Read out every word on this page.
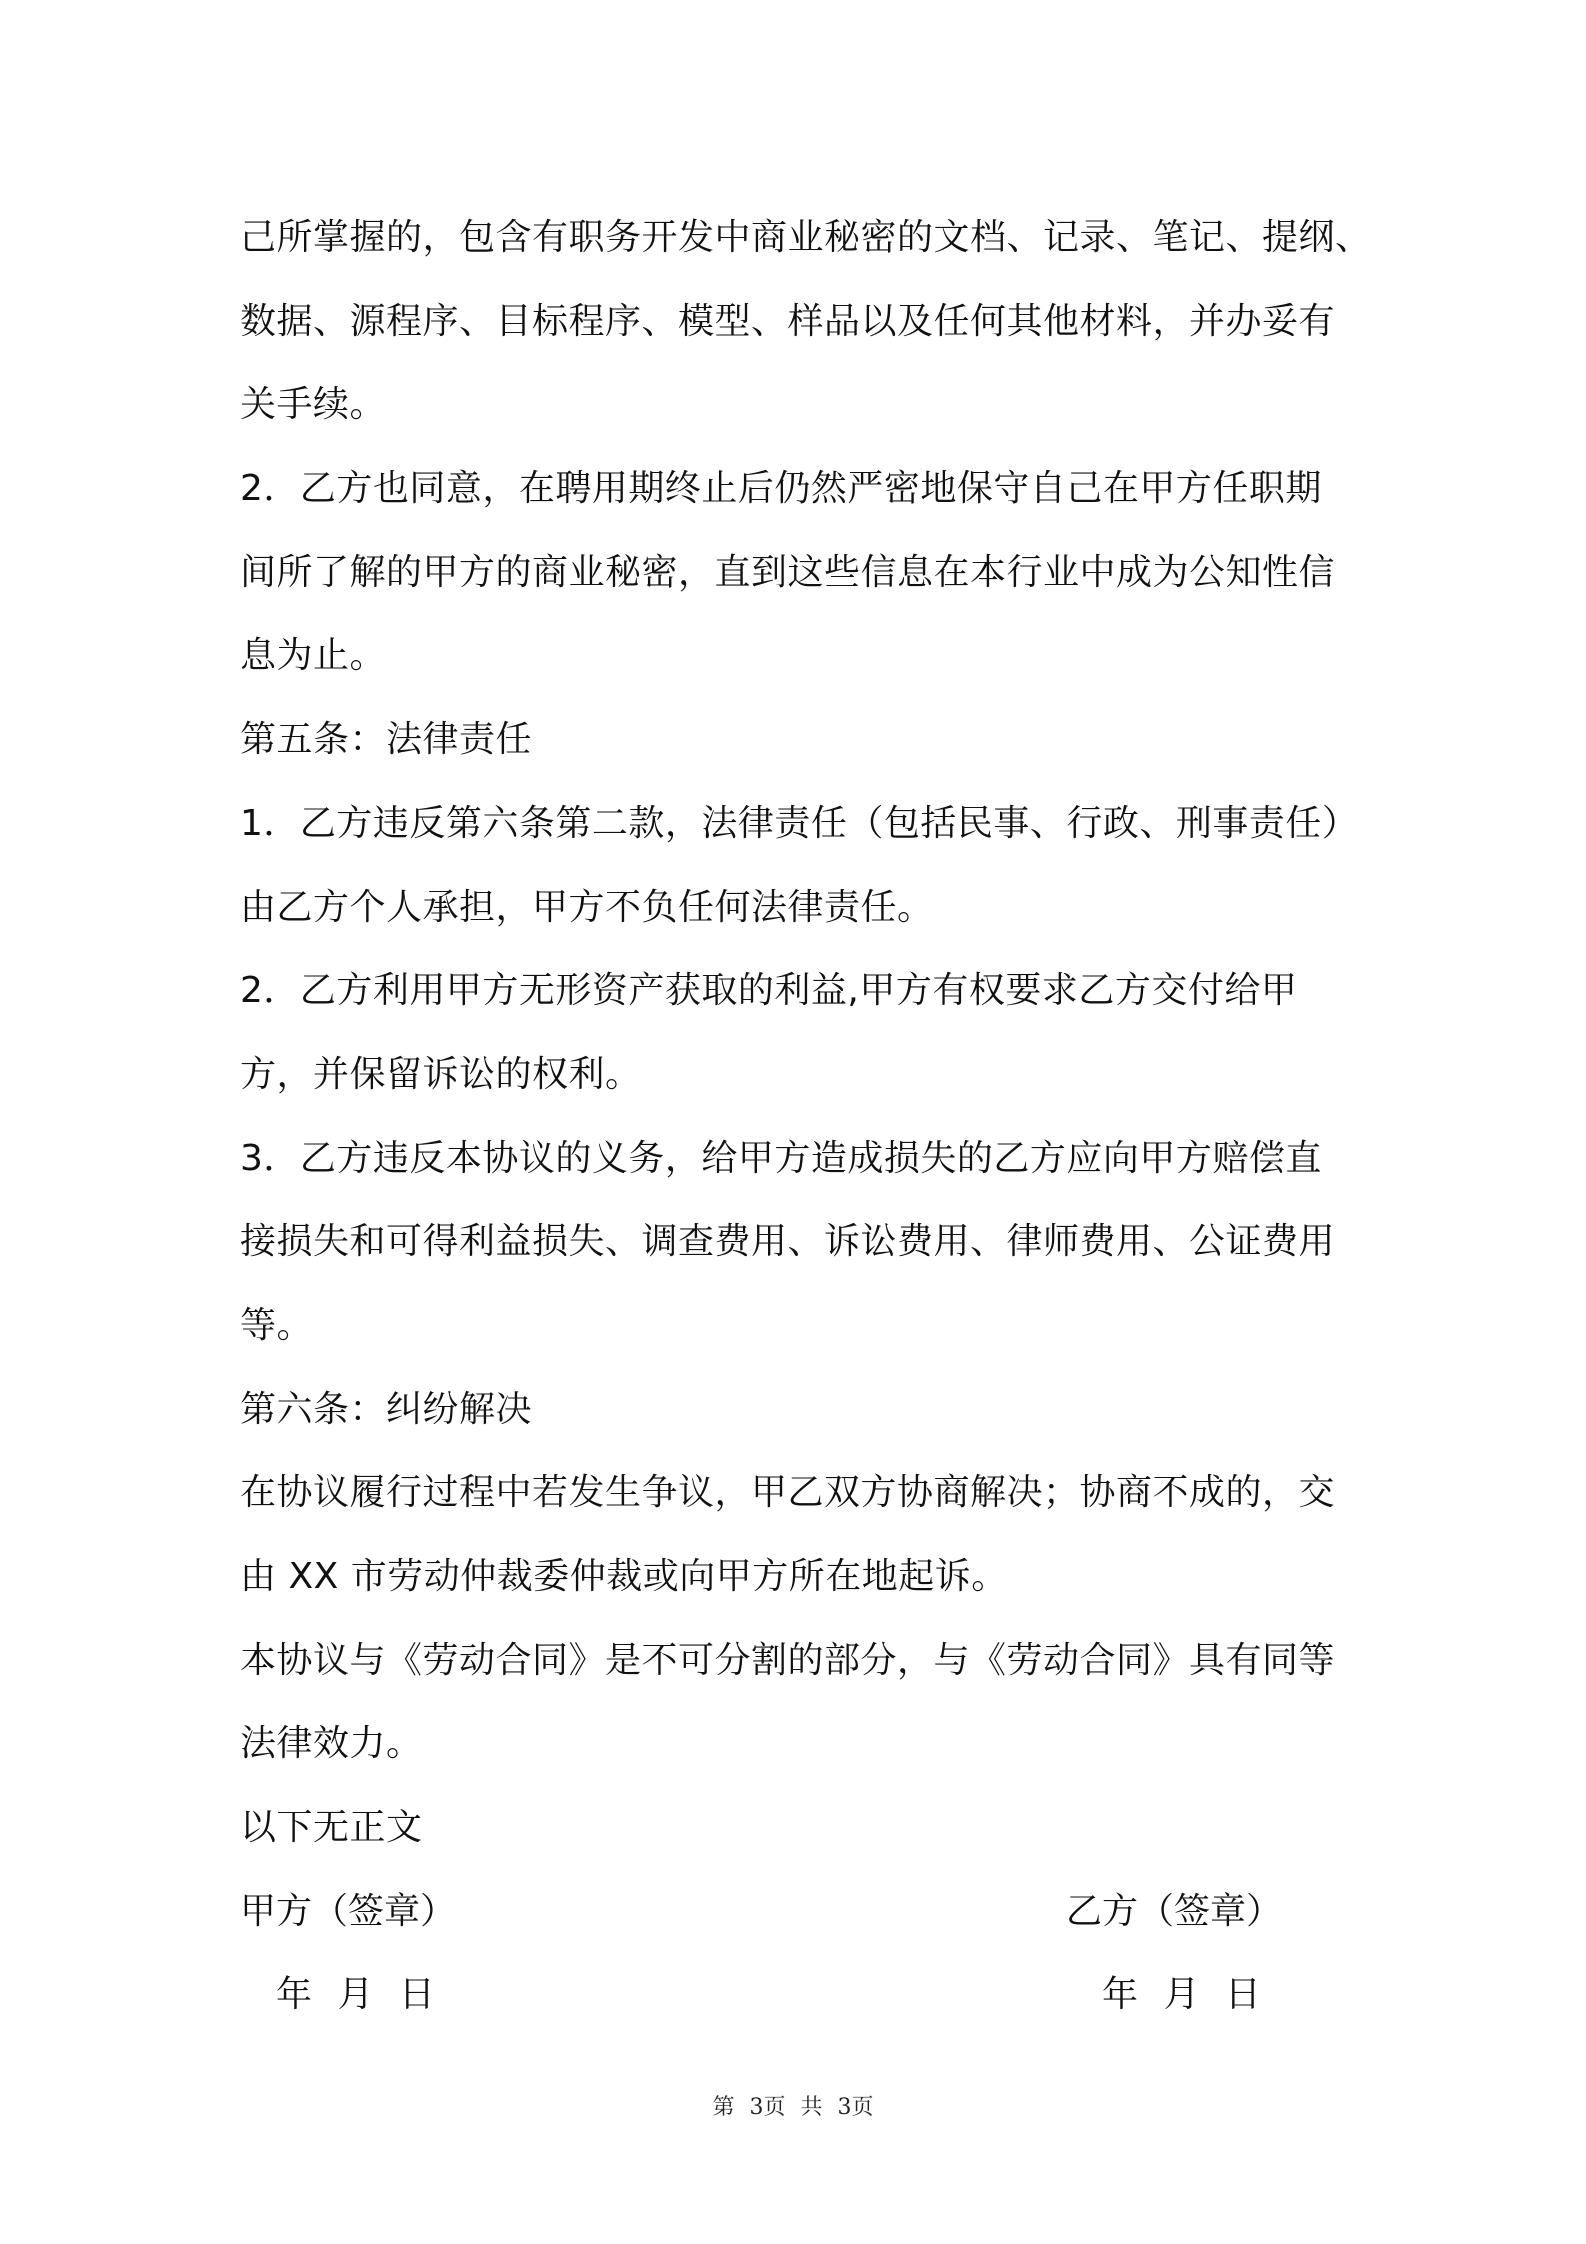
己所掌握的，包含有职务开发中商业秘密的文档、记录、笔记、提纲、
数据、源程序、目标程序、模型、样品以及任何其他材料，并办妥有
关手续。
2．乙方也同意，在聘用期终止后仍然严密地保守自己在甲方任职期
间所了解的甲方的商业秘密，直到这些信息在本行业中成为公知性信
息为止。
第五条：法律责任
1．乙方违反第六条第二款，法律责任（包括民事、行政、刑事责任）
由乙方个人承担，甲方不负任何法律责任。
2．乙方利用甲方无形资产获取的利益,甲方有权要求乙方交付给甲
方，并保留诉讼的权利。
3．乙方违反本协议的义务，给甲方造成损失的乙方应向甲方赔偿直
接损失和可得利益损失、调查费用、诉讼费用、律师费用、公证费用
等。
第六条：纠纷解决
在协议履行过程中若发生争议，甲乙双方协商解决；协商不成的，交
由 XX 市劳动仲裁委仲裁或向甲方所在地起诉。
本协议与《劳动合同》是不可分割的部分，与《劳动合同》具有同等
法律效力。
以下无正文
甲方（签章）	乙方（签章）
年 月 日	年 月 日
第 3页 共 3页
